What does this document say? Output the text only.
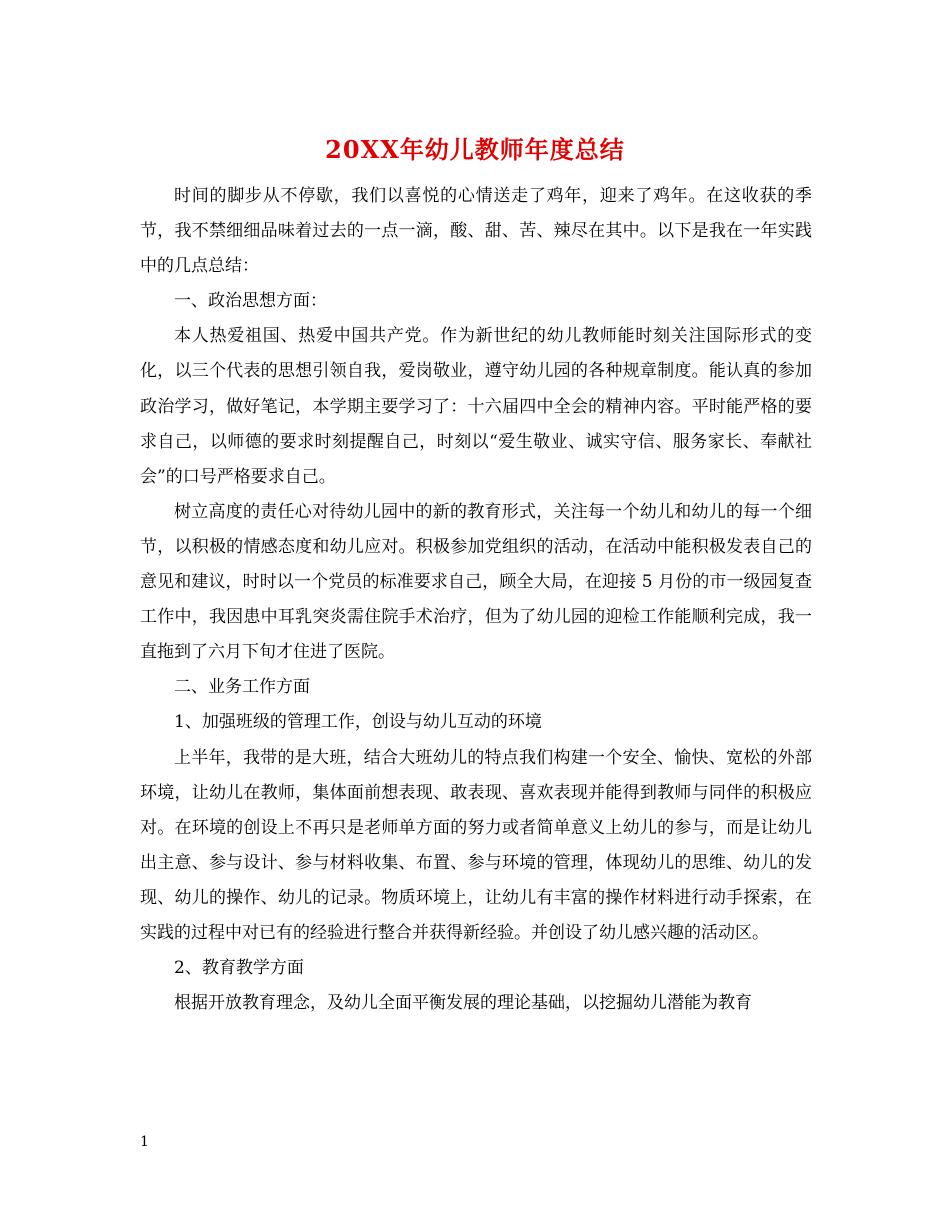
20XX年幼儿教师年度总结

时间的脚步从不停歇，我们以喜悦的心情送走了鸡年，迎来了鸡年。在这收获的季节，我不禁细细品味着过去的一点一滴，酸、甜、苦、辣尽在其中。以下是我在一年实践中的几点总结：

一、政治思想方面：

本人热爱祖国、热爱中国共产党。作为新世纪的幼儿教师能时刻关注国际形式的变化，以三个代表的思想引领自我，爱岗敬业，遵守幼儿园的各种规章制度。能认真的参加政治学习，做好笔记，本学期主要学习了：十六届四中全会的精神内容。平时能严格的要求自己，以师德的要求时刻提醒自己，时刻以“爱生敬业、诚实守信、服务家长、奉献社会”的口号严格要求自己。

树立高度的责任心对待幼儿园中的新的教育形式，关注每一个幼儿和幼儿的每一个细节，以积极的情感态度和幼儿应对。积极参加党组织的活动，在活动中能积极发表自己的意见和建议，时时以一个党员的标准要求自己，顾全大局，在迎接 5 月份的市一级园复查工作中，我因患中耳乳突炎需住院手术治疗，但为了幼儿园的迎检工作能顺利完成，我一直拖到了六月下旬才住进了医院。

二、业务工作方面

1、加强班级的管理工作，创设与幼儿互动的环境

上半年，我带的是大班，结合大班幼儿的特点我们构建一个安全、愉快、宽松的外部环境，让幼儿在教师，集体面前想表现、敢表现、喜欢表现并能得到教师与同伴的积极应对。在环境的创设上不再只是老师单方面的努力或者简单意义上幼儿的参与，而是让幼儿出主意、参与设计、参与材料收集、布置、参与环境的管理，体现幼儿的思维、幼儿的发现、幼儿的操作、幼儿的记录。物质环境上，让幼儿有丰富的操作材料进行动手探索，在实践的过程中对已有的经验进行整合并获得新经验。并创设了幼儿感兴趣的活动区。

2、教育教学方面

根据开放教育理念，及幼儿全面平衡发展的理论基础，以挖掘幼儿潜能为教育

1
